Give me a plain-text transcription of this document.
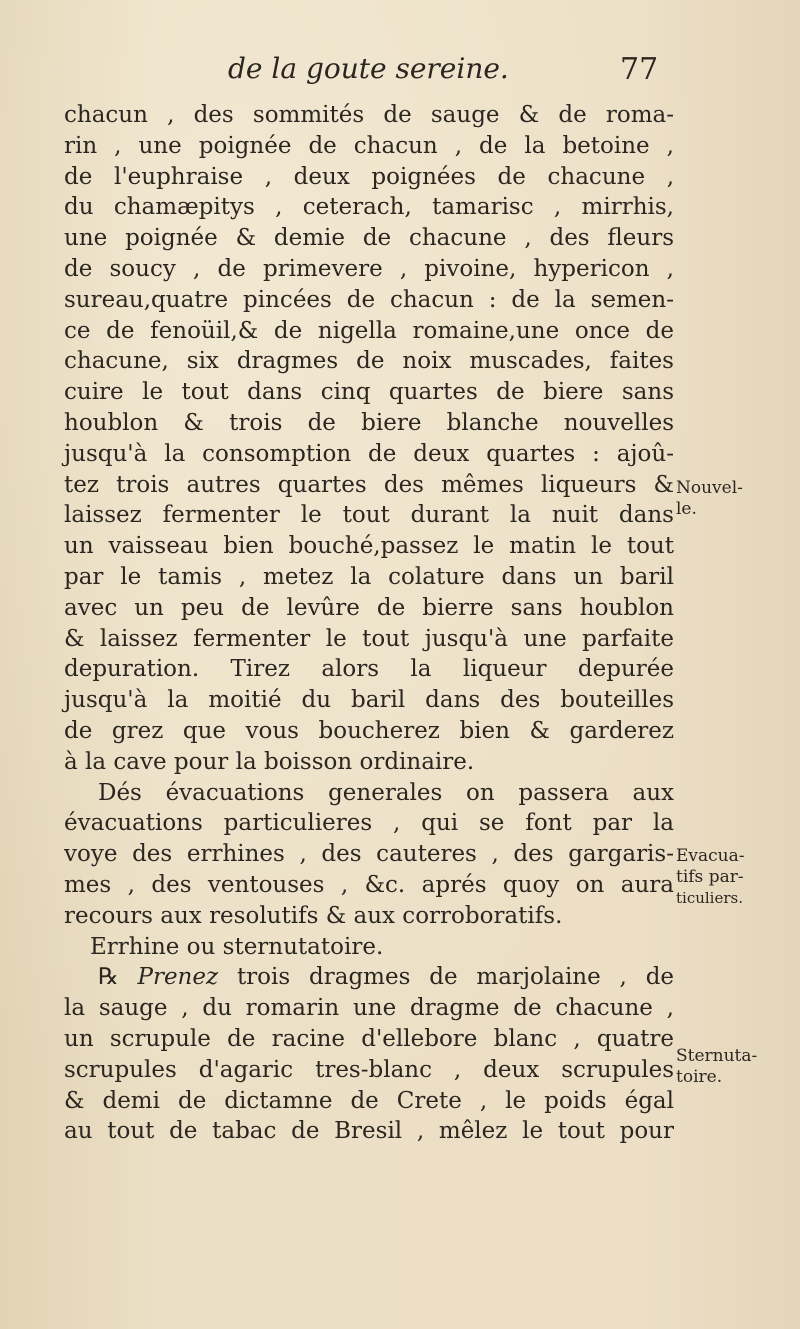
de la goute sereine.	77
chacun , des sommités de sauge & de roma-
rin , une poignée de chacun , de la betoine ,
de l'euphraise , deux poignées de chacune ,
du chamæpitys , ceterach, tamarisc , mirrhis,
une poignée & demie de chacune , des fleurs
de soucy , de primevere , pivoine, hypericon ,
sureau,quatre pincées de chacun : de la semen-
ce de fenoüil,& de nigella romaine,une once de
chacune, six dragmes de noix muscades, faites
cuire le tout dans cinq quartes de biere sans
houblon & trois de biere blanche nouvelles
jusqu'à la consomption de deux quartes : ajoû-
tez trois autres quartes des mêmes liqueurs &
laissez fermenter le tout durant la nuit dans
un vaisseau bien bouché,passez le matin le tout
par le tamis , metez la colature dans un baril
avec un peu de levûre de bierre sans houblon
& laissez fermenter le tout jusqu'à une parfaite
depuration. Tirez alors la liqueur depurée
jusqu'à la moitié du baril dans des bouteilles
de grez que vous boucherez bien & garderez
à la cave pour la boisson ordinaire.
Dés évacuations generales on passera aux
évacuations particulieres , qui se font par la
voye des errhines , des cauteres , des gargaris-
mes , des ventouses , &c. aprés quoy on aura
recours aux resolutifs & aux corroboratifs.
Errhine ou sternutatoire.
℞ Prenez trois dragmes de marjolaine , de
la sauge , du romarin une dragme de chacune ,
un scrupule de racine d'ellebore blanc , quatre
scrupules d'agaric tres-blanc , deux scrupules
& demi de dictamne de Crete , le poids égal
au tout de tabac de Bresil , mêlez le tout pour
Nouvel-
le.
Evacua-
tifs par-
ticuliers.
Sternuta-
toire.
